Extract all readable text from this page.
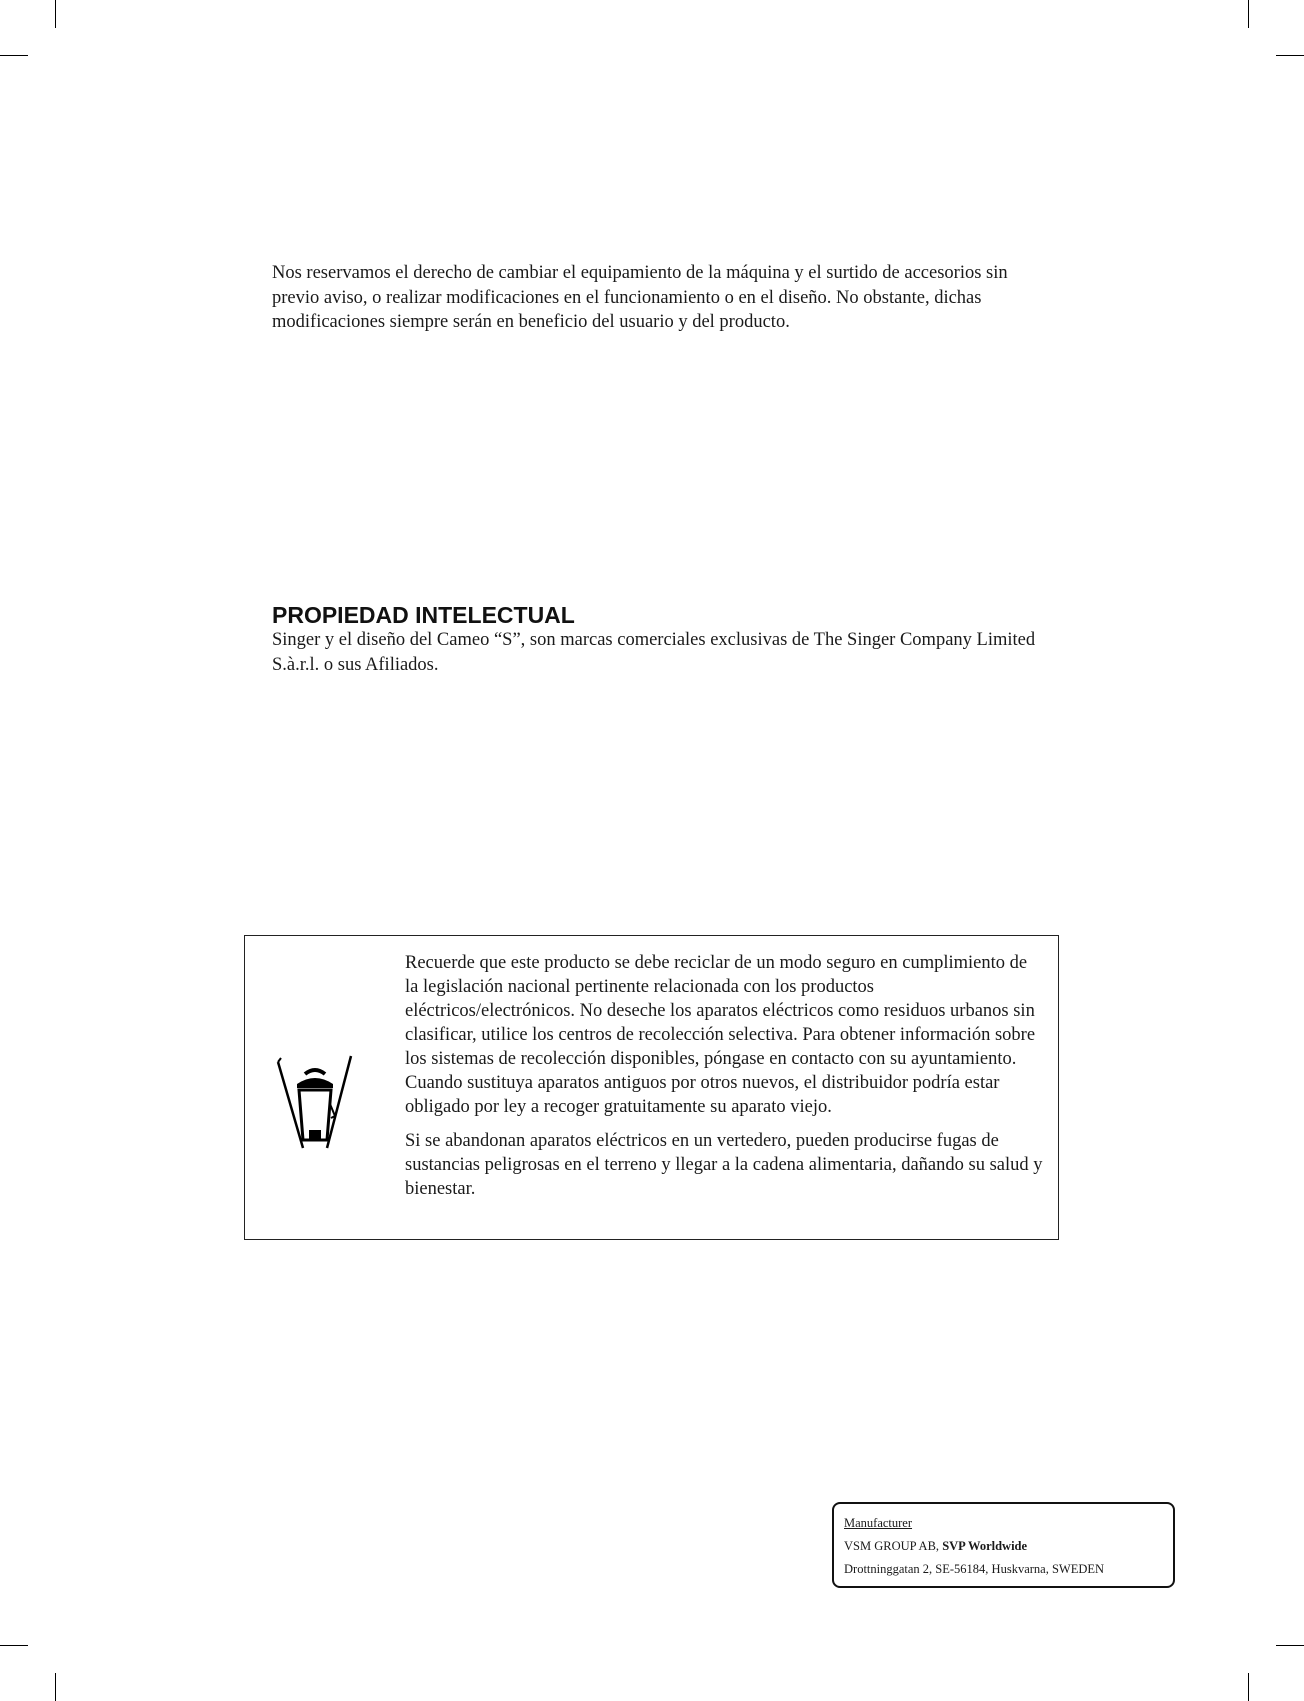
Nos reservamos el derecho de cambiar el equipamiento de la máquina y el surtido de accesorios sin previo aviso, o realizar modificaciones en el funcionamiento o en el diseño. No obstante, dichas modificaciones siempre serán en beneficio del usuario y del producto.

PROPIEDAD INTELECTUAL

Singer y el diseño del Cameo “S”, son marcas comerciales exclusivas de The Singer Company Limited S.à.r.l. o sus Afiliados.

Recuerde que este producto se debe reciclar de un modo seguro en cumplimiento de la legislación nacional pertinente relacionada con los productos eléctricos/electrónicos. No deseche los aparatos eléctricos como residuos urbanos sin clasificar, utilice los centros de recolección selectiva. Para obtener información sobre los sistemas de recolección disponibles, póngase en contacto con su ayuntamiento. Cuando sustituya aparatos antiguos por otros nuevos, el distribuidor podría estar obligado por ley a recoger gratuitamente su aparato viejo.

Si se abandonan aparatos eléctricos en un vertedero, pueden producirse fugas de sustancias peligrosas en el terreno y llegar a la cadena alimentaria, dañando su salud y bienestar.

Manufacturer
VSM GROUP AB, SVP Worldwide
Drottninggatan 2, SE-56184, Huskvarna, SWEDEN
